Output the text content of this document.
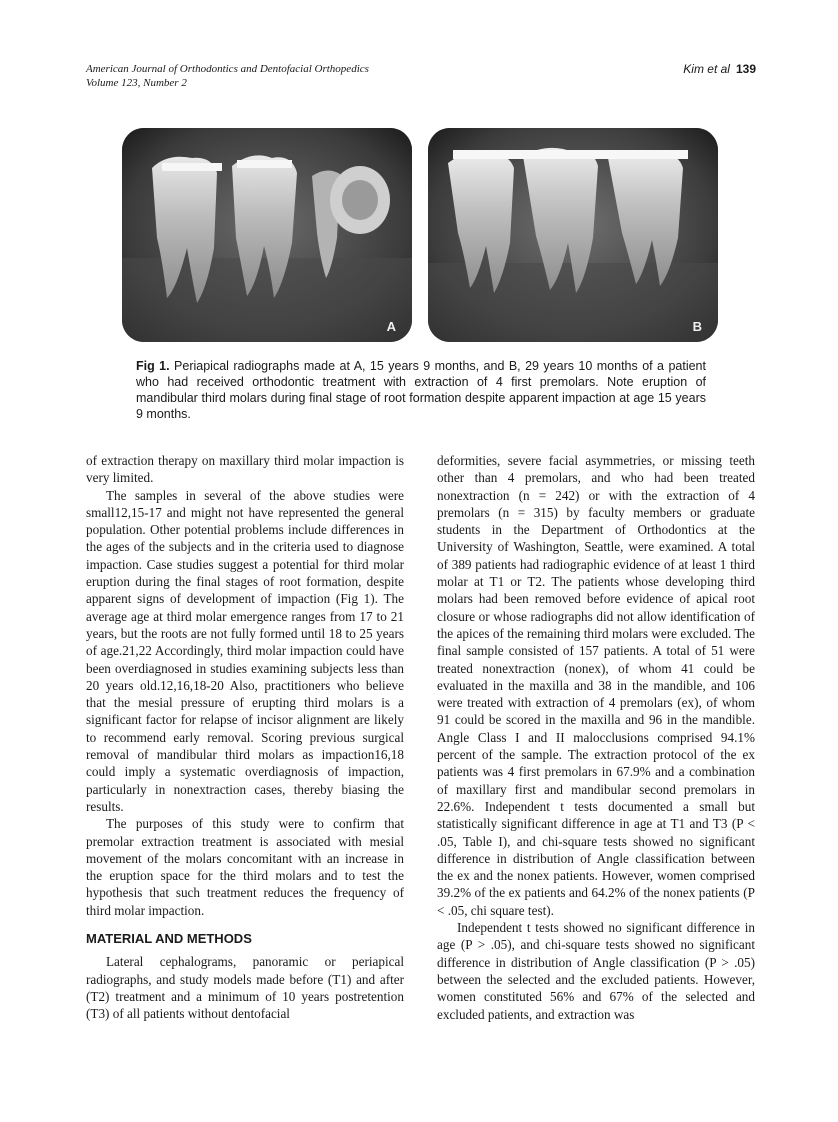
American Journal of Orthodontics and Dentofacial Orthopedics
Volume 123, Number 2
Kim et al 139
A	B
Fig 1. Periapical radiographs made at A, 15 years 9 months, and B, 29 years 10 months of a patient who had received orthodontic treatment with extraction of 4 first premolars. Note eruption of mandibular third molars during final stage of root formation despite apparent impaction at age 15 years 9 months.

of extraction therapy on maxillary third molar impaction is very limited.

The samples in several of the above studies were small12,15-17 and might not have represented the general population. Other potential problems include differences in the ages of the subjects and in the criteria used to diagnose impaction. Case studies suggest a potential for third molar eruption during the final stages of root formation, despite apparent signs of development of impaction (Fig 1). The average age at third molar emergence ranges from 17 to 21 years, but the roots are not fully formed until 18 to 25 years of age.21,22 Accordingly, third molar impaction could have been overdiagnosed in studies examining subjects less than 20 years old.12,16,18-20 Also, practitioners who believe that the mesial pressure of erupting third molars is a significant factor for relapse of incisor alignment are likely to recommend early removal. Scoring previous surgical removal of mandibular third molars as impaction16,18 could imply a systematic overdiagnosis of impaction, particularly in nonextraction cases, thereby biasing the results.

The purposes of this study were to confirm that premolar extraction treatment is associated with mesial movement of the molars concomitant with an increase in the eruption space for the third molars and to test the hypothesis that such treatment reduces the frequency of third molar impaction.

MATERIAL AND METHODS

Lateral cephalograms, panoramic or periapical radiographs, and study models made before (T1) and after (T2) treatment and a minimum of 10 years postretention (T3) of all patients without dentofacial

deformities, severe facial asymmetries, or missing teeth other than 4 premolars, and who had been treated nonextraction (n = 242) or with the extraction of 4 premolars (n = 315) by faculty members or graduate students in the Department of Orthodontics at the University of Washington, Seattle, were examined. A total of 389 patients had radiographic evidence of at least 1 third molar at T1 or T2. The patients whose developing third molars had been removed before evidence of apical root closure or whose radiographs did not allow identification of the apices of the remaining third molars were excluded. The final sample consisted of 157 patients. A total of 51 were treated nonextraction (nonex), of whom 41 could be evaluated in the maxilla and 38 in the mandible, and 106 were treated with extraction of 4 premolars (ex), of whom 91 could be scored in the maxilla and 96 in the mandible. Angle Class I and II malocclusions comprised 94.1% percent of the sample. The extraction protocol of the ex patients was 4 first premolars in 67.9% and a combination of maxillary first and mandibular second premolars in 22.6%. Independent t tests documented a small but statistically significant difference in age at T1 and T3 (P < .05, Table I), and chi-square tests showed no significant difference in distribution of Angle classification between the ex and the nonex patients. However, women comprised 39.2% of the ex patients and 64.2% of the nonex patients (P < .05, chi square test).

Independent t tests showed no significant difference in age (P > .05), and chi-square tests showed no significant difference in distribution of Angle classification (P > .05) between the selected and the excluded patients. However, women constituted 56% and 67% of the selected and excluded patients, and extraction was
